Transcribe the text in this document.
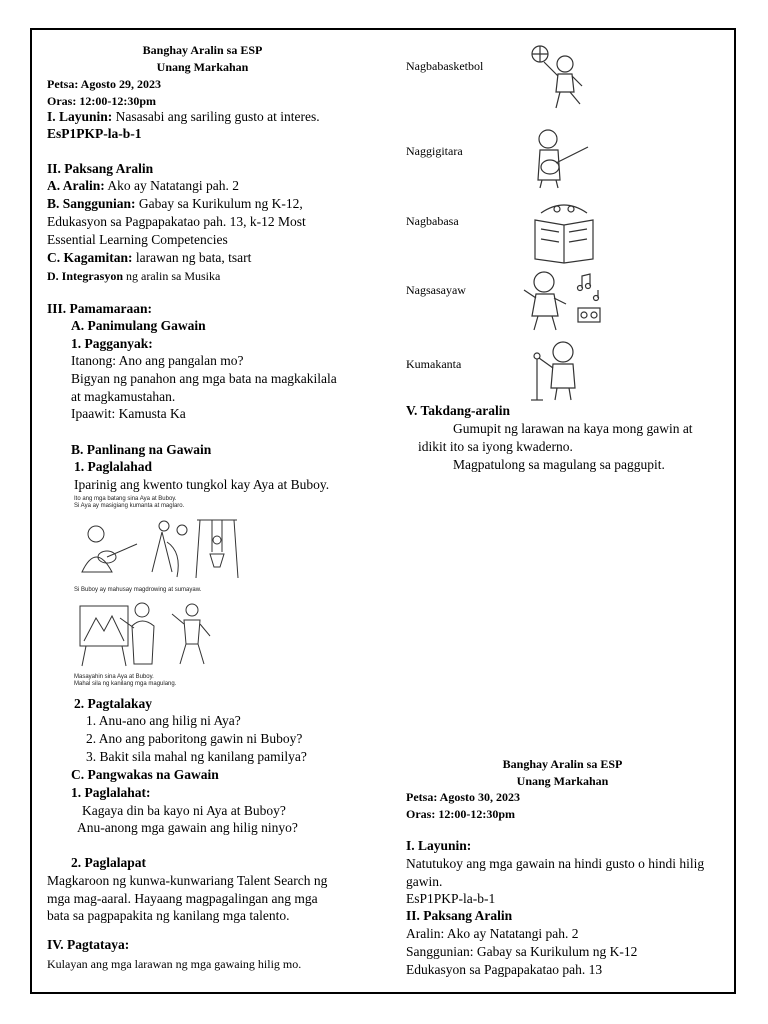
Banghay Aralin sa ESP
Unang Markahan
Petsa: Agosto 29, 2023
Oras: 12:00-12:30pm
I. Layunin: Nasasabi ang sariling gusto at interes.
EsP1PKP-la-b-1
II. Paksang Aralin
A. Aralin: Ako ay Natatangi pah. 2
B. Sanggunian: Gabay sa Kurikulum ng K-12,
Edukasyon sa Pagpapakatao pah. 13, k-12 Most
Essential Learning Competencies
C. Kagamitan: larawan ng bata, tsart
D. Integrasyon ng aralin sa Musika
III. Pamamaraan:
A. Panimulang Gawain
1. Pagganyak:
Itanong: Ano ang pangalan mo?
Bigyan ng panahon ang mga bata na magkakilala
at magkamustahan.
Ipaawit: Kamusta Ka
B. Panlinang na Gawain
1. Paglalahad
Iparinig ang kwento tungkol kay Aya at Buboy.
Ito ang mga batang sina Aya at Buboy.
Si Aya ay masigiang kumanta at maglaro.
Si Buboy ay mahusay magdrowing at sumayaw.
Masayahin sina Aya at Buboy.
Mahal sila ng kanilang mga magulang.
2. Pagtalakay
1. Anu-ano ang hilig ni Aya?
2. Ano ang paboritong gawin ni Buboy?
3. Bakit sila mahal ng kanilang pamilya?
C. Pangwakas na Gawain
1. Paglalahat:
Kagaya din ba kayo ni Aya at Buboy?
Anu-anong mga gawain ang hilig ninyo?
2. Paglalapat
Magkaroon ng kunwa-kunwariang Talent Search ng
mga mag-aaral. Hayaang magpagalingan ang mga
bata sa pagpapakita ng kanilang mga talento.
IV. Pagtataya:
Kulayan ang mga larawan ng mga gawaing hilig mo.
Nagbabasketbol
Naggigitara
Nagbabasa
Nagsasayaw
Kumakanta
V. Takdang-aralin
Gumupit ng larawan na kaya mong gawin at
idikit ito sa iyong kwaderno.
Magpatulong sa magulang sa paggupit.
Banghay Aralin sa ESP
Unang Markahan
Petsa: Agosto 30, 2023
Oras: 12:00-12:30pm
I. Layunin:
Natutukoy ang mga gawain na hindi gusto o hindi hilig
gawin.
EsP1PKP-la-b-1
II. Paksang Aralin
Aralin: Ako ay Natatangi pah. 2
Sanggunian: Gabay sa Kurikulum ng K-12
Edukasyon sa Pagpapakatao pah. 13
